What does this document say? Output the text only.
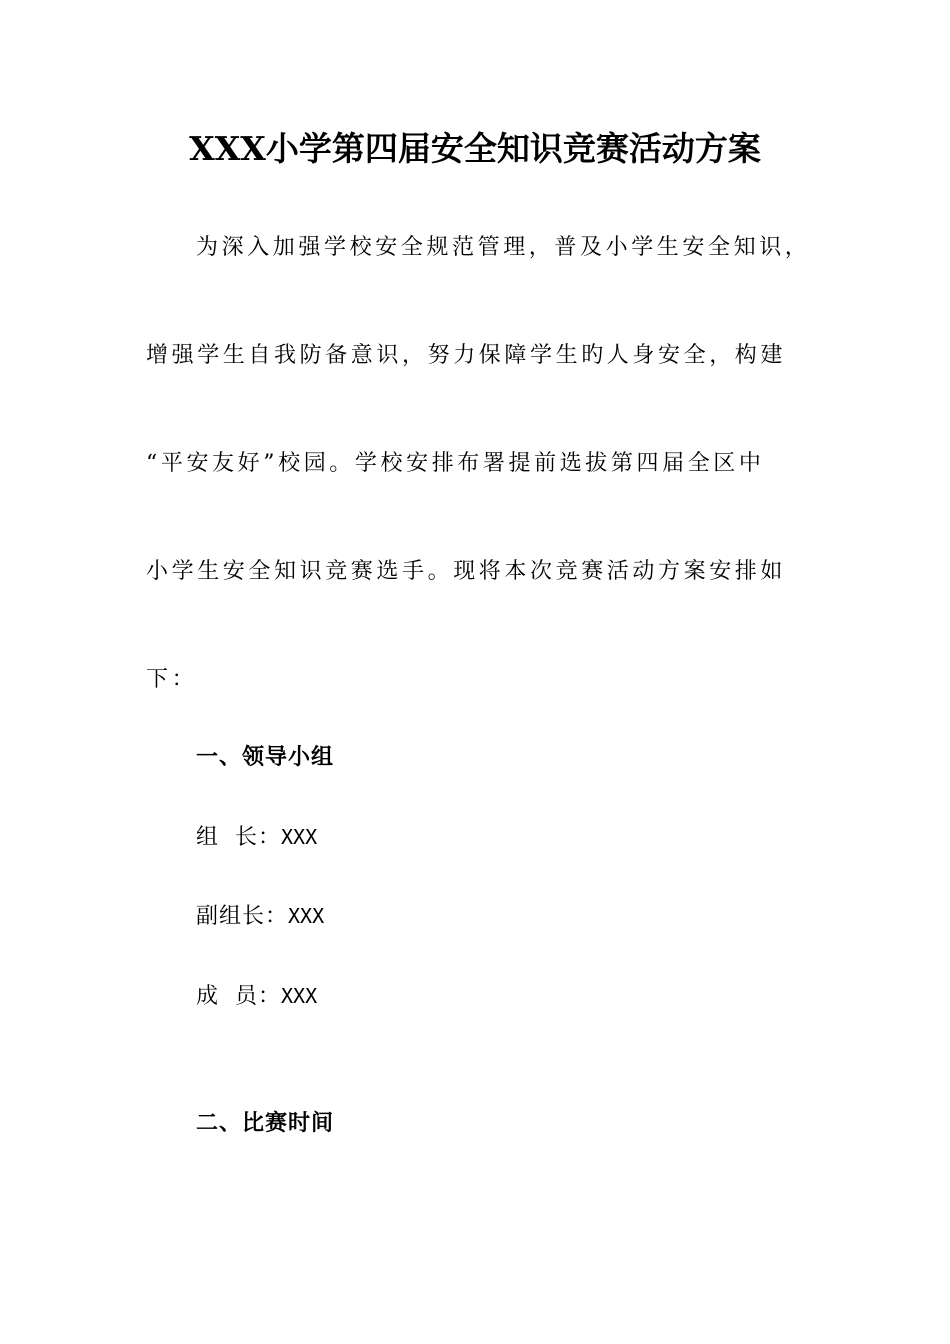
XXX小学第四届安全知识竞赛活动方案
为深入加强学校安全规范管理，普及小学生安全知识，
增强学生自我防备意识，努力保障学生旳人身安全，构建
“平安友好”校园。学校安排布署提前选拔第四届全区中
小学生安全知识竞赛选手。现将本次竞赛活动方案安排如
下：
一、领导小组
组  长：XXX
副组长：XXX
成  员：XXX
二、比赛时间
